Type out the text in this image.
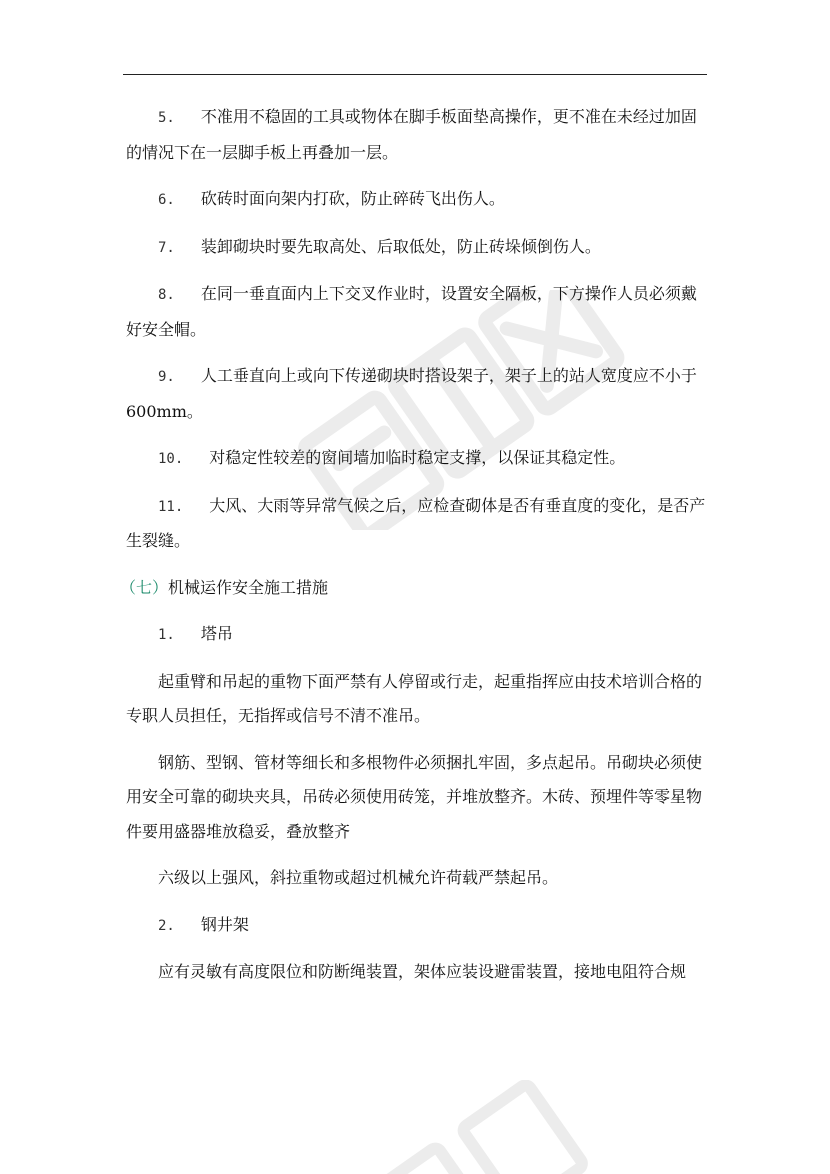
5. 不准用不稳固的工具或物体在脚手板面垫高操作，更不准在未经过加固的情况下在一层脚手板上再叠加一层。

6. 砍砖时面向架内打砍，防止碎砖飞出伤人。

7. 装卸砌块时要先取高处、后取低处，防止砖垛倾倒伤人。

8. 在同一垂直面内上下交叉作业时，设置安全隔板，下方操作人员必须戴好安全帽。

9. 人工垂直向上或向下传递砌块时搭设架子，架子上的站人宽度应不小于600mm。

10. 对稳定性较差的窗间墙加临时稳定支撑，以保证其稳定性。

11. 大风、大雨等异常气候之后，应检查砌体是否有垂直度的变化，是否产生裂缝。

（七）机械运作安全施工措施

1. 塔吊

起重臂和吊起的重物下面严禁有人停留或行走，起重指挥应由技术培训合格的专职人员担任，无指挥或信号不清不准吊。

钢筋、型钢、管材等细长和多根物件必须捆扎牢固，多点起吊。吊砌块必须使用安全可靠的砌块夹具，吊砖必须使用砖笼，并堆放整齐。木砖、预埋件等零星物件要用盛器堆放稳妥，叠放整齐

六级以上强风，斜拉重物或超过机械允许荷载严禁起吊。

2. 钢井架

应有灵敏有高度限位和防断绳装置，架体应装设避雷装置，接地电阻符合规
